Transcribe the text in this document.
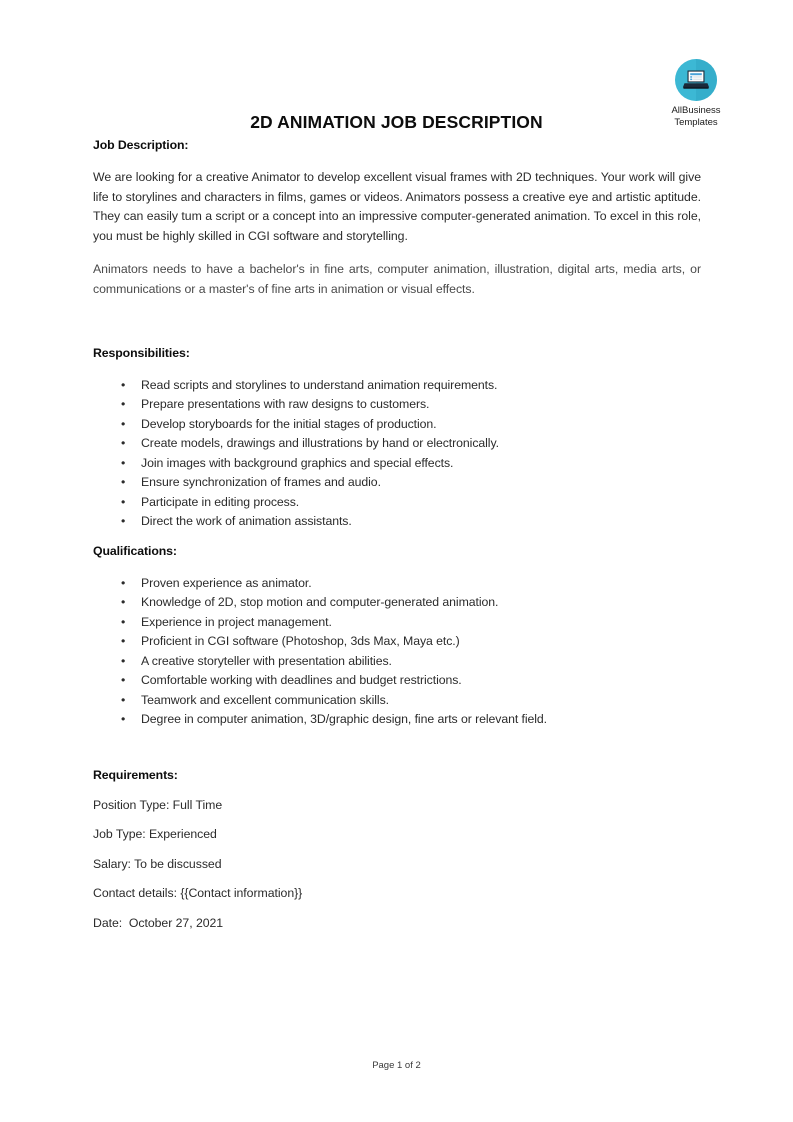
AllBusiness
Templates
2D ANIMATION JOB DESCRIPTION
Job Description:
We are looking for a creative Animator to develop excellent visual frames with 2D techniques. Your work will give life to storylines and characters in films, games or videos. Animators possess a creative eye and artistic aptitude. They can easily tum a script or a concept into an impressive computer-generated animation. To excel in this role, you must be highly skilled in CGI software and storytelling.
Animators needs to have a bachelor's in fine arts, computer animation, illustration, digital arts, media arts, or communications or a master's of fine arts in animation or visual effects.
Responsibilities:
• Read scripts and storylines to understand animation requirements.
• Prepare presentations with raw designs to customers.
• Develop storyboards for the initial stages of production.
• Create models, drawings and illustrations by hand or electronically.
• Join images with background graphics and special effects.
• Ensure synchronization of frames and audio.
• Participate in editing process.
• Direct the work of animation assistants.
Qualifications:
• Proven experience as animator.
• Knowledge of 2D, stop motion and computer-generated animation.
• Experience in project management.
• Proficient in CGI software (Photoshop, 3ds Max, Maya etc.)
• A creative storyteller with presentation abilities.
• Comfortable working with deadlines and budget restrictions.
• Teamwork and excellent communication skills.
• Degree in computer animation, 3D/graphic design, fine arts or relevant field.
Requirements:
Position Type: Full Time
Job Type: Experienced
Salary: To be discussed
Contact details: {{Contact information}}
Date:  October 27, 2021
Page 1 of 2
